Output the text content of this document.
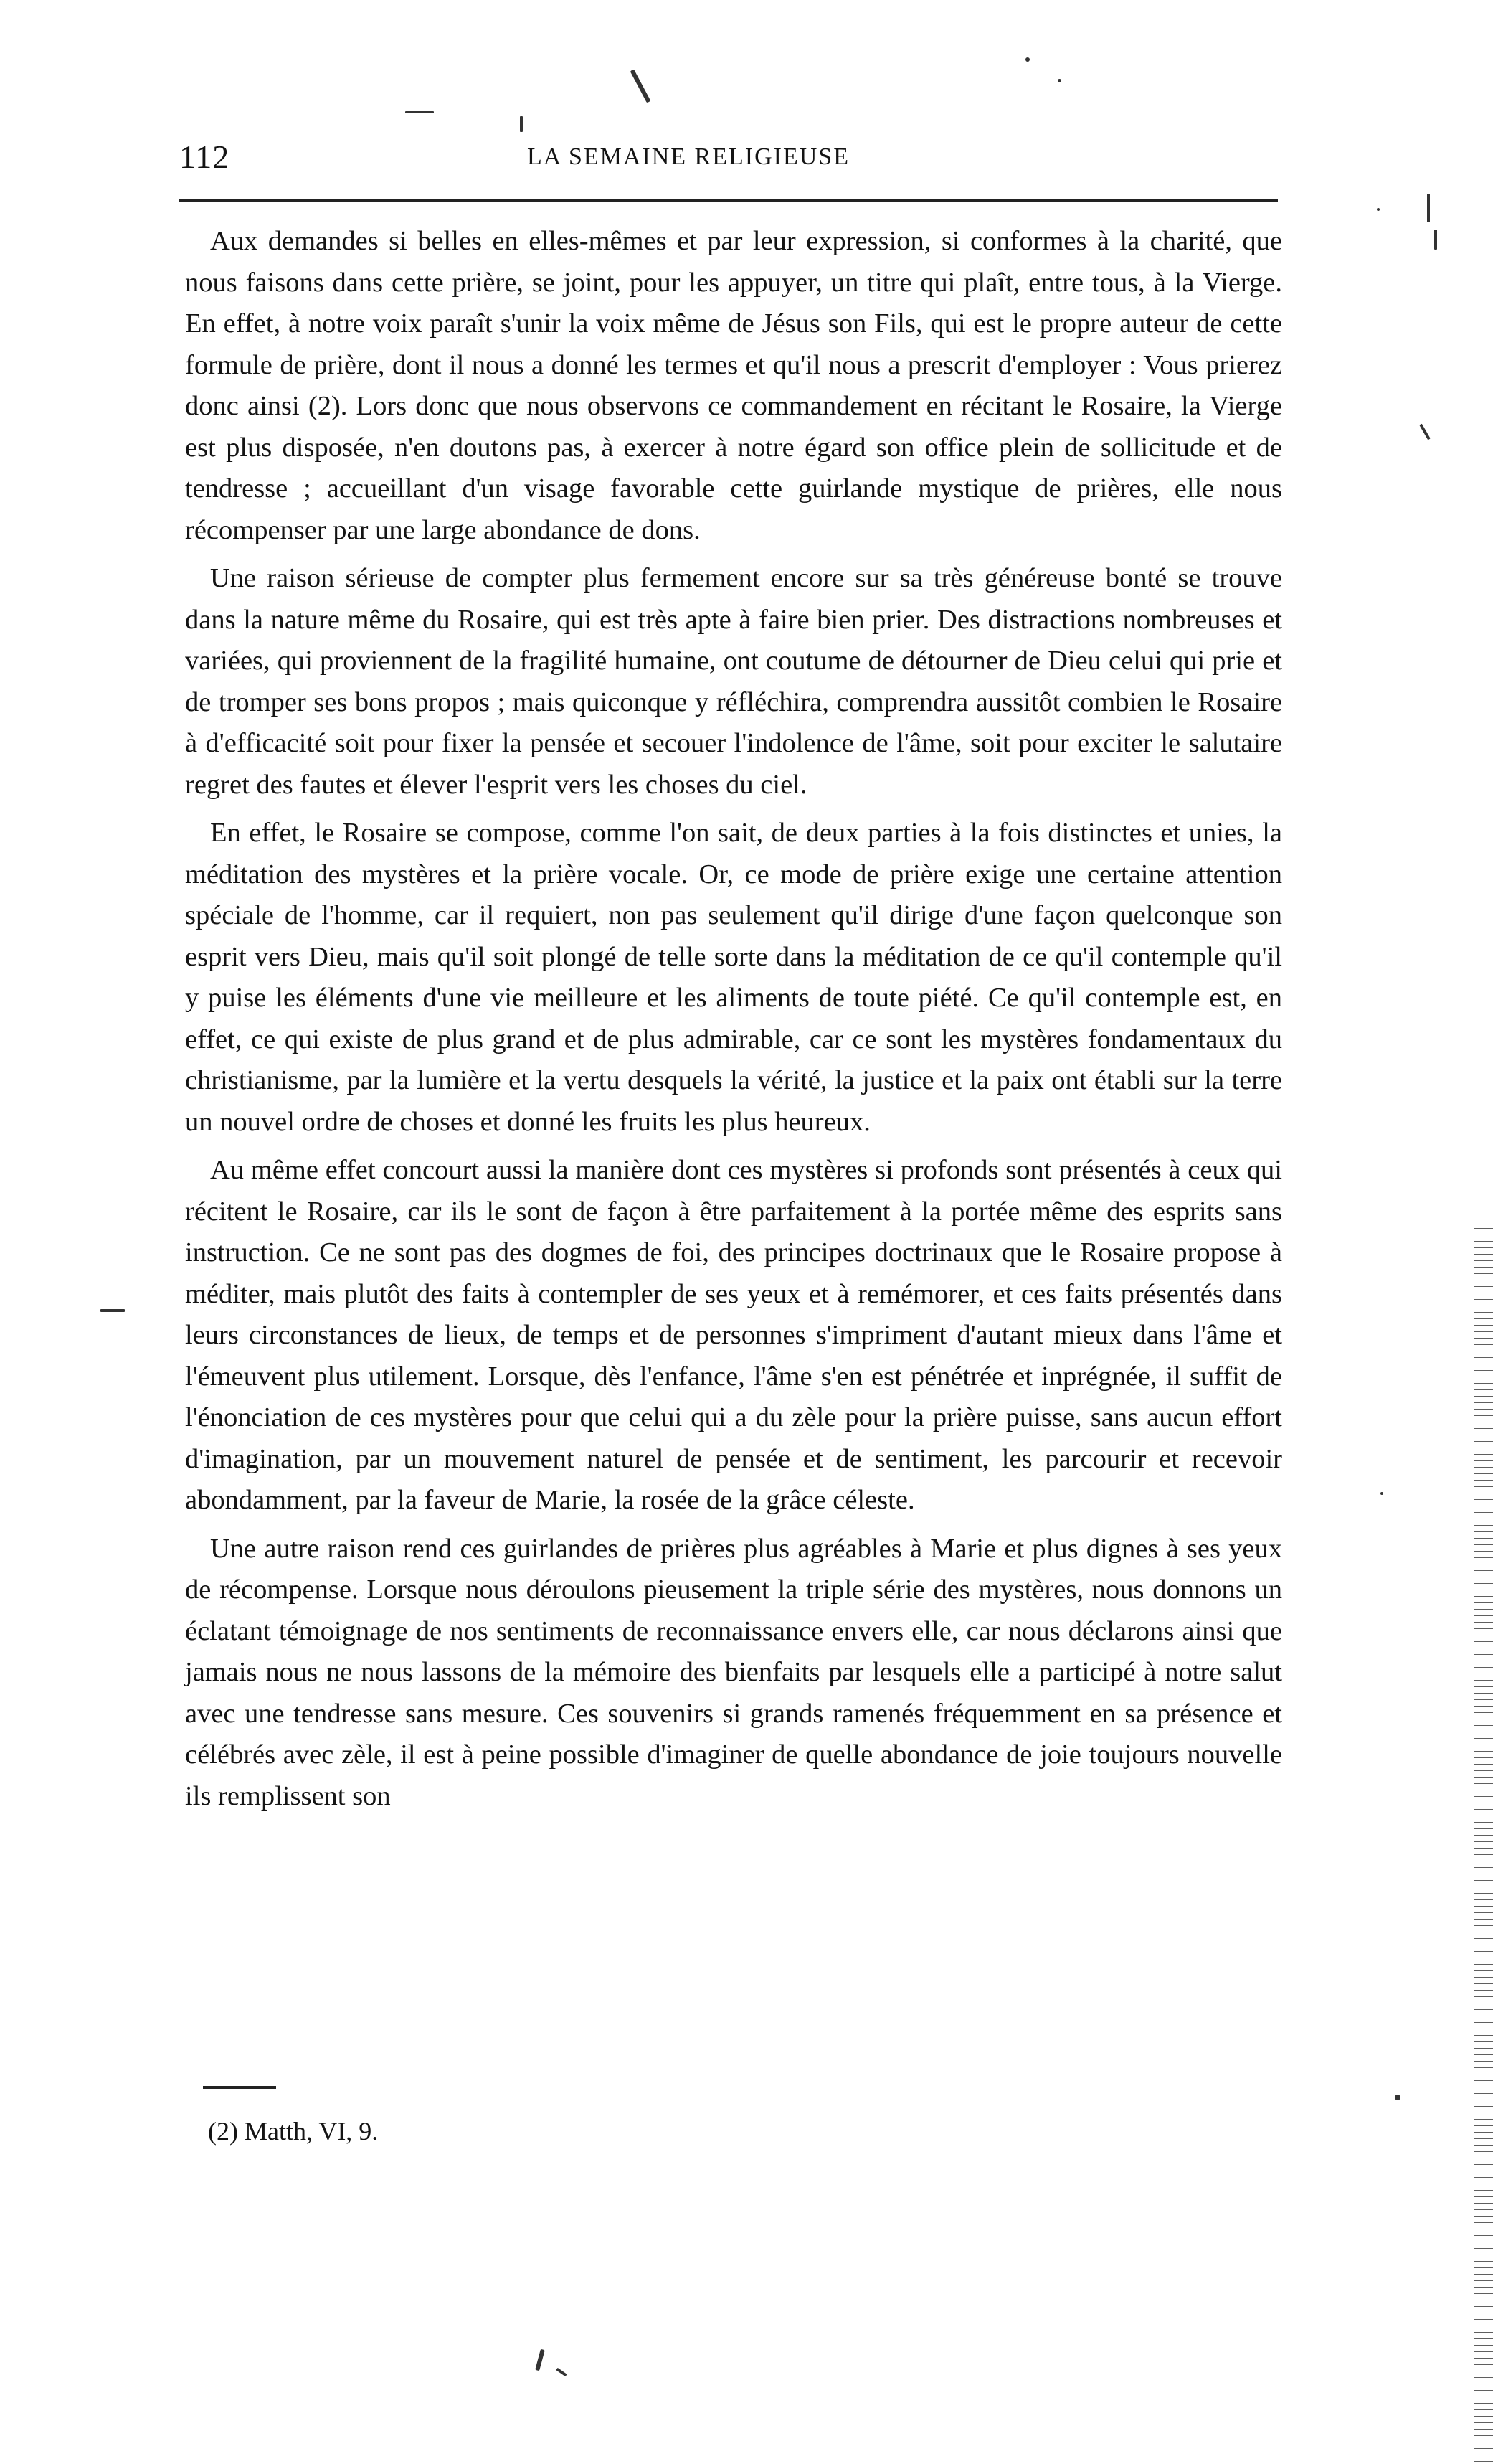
112	LA SEMAINE RELIGIEUSE

Aux demandes si belles en elles-mêmes et par leur expression, si conformes à la charité, que nous faisons dans cette prière, se joint, pour les appuyer, un titre qui plaît, entre tous, à la Vierge. En effet, à notre voix paraît s'unir la voix même de Jésus son Fils, qui est le propre auteur de cette formule de prière, dont il nous a donné les termes et qu'il nous a prescrit d'employer : Vous prierez donc ainsi (2). Lors donc que nous observons ce commandement en récitant le Rosaire, la Vierge est plus disposée, n'en doutons pas, à exercer à notre égard son office plein de sollicitude et de tendresse ; accueillant d'un visage favorable cette guirlande mystique de prières, elle nous récompenser par une large abondance de dons.

Une raison sérieuse de compter plus fermement encore sur sa très généreuse bonté se trouve dans la nature même du Rosaire, qui est très apte à faire bien prier. Des distractions nombreuses et variées, qui proviennent de la fragilité humaine, ont coutume de détourner de Dieu celui qui prie et de tromper ses bons propos ; mais quiconque y réfléchira, comprendra aussitôt combien le Rosaire à d'efficacité soit pour fixer la pensée et secouer l'indolence de l'âme, soit pour exciter le salutaire regret des fautes et élever l'esprit vers les choses du ciel.

En effet, le Rosaire se compose, comme l'on sait, de deux parties à la fois distinctes et unies, la méditation des mystères et la prière vocale. Or, ce mode de prière exige une certaine attention spéciale de l'homme, car il requiert, non pas seulement qu'il dirige d'une façon quelconque son esprit vers Dieu, mais qu'il soit plongé de telle sorte dans la méditation de ce qu'il contemple qu'il y puise les éléments d'une vie meilleure et les aliments de toute piété. Ce qu'il contemple est, en effet, ce qui existe de plus grand et de plus admirable, car ce sont les mystères fondamentaux du christianisme, par la lumière et la vertu desquels la vérité, la justice et la paix ont établi sur la terre un nouvel ordre de choses et donné les fruits les plus heureux.

Au même effet concourt aussi la manière dont ces mystères si profonds sont présentés à ceux qui récitent le Rosaire, car ils le sont de façon à être parfaitement à la portée même des esprits sans instruction. Ce ne sont pas des dogmes de foi, des principes doctrinaux que le Rosaire propose à méditer, mais plutôt des faits à contempler de ses yeux et à remémorer, et ces faits présentés dans leurs circonstances de lieux, de temps et de personnes s'impriment d'autant mieux dans l'âme et l'émeuvent plus utilement. Lorsque, dès l'enfance, l'âme s'en est pénétrée et inprégnée, il suffit de l'énonciation de ces mystères pour que celui qui a du zèle pour la prière puisse, sans aucun effort d'imagination, par un mouvement naturel de pensée et de sentiment, les parcourir et recevoir abondamment, par la faveur de Marie, la rosée de la grâce céleste.

Une autre raison rend ces guirlandes de prières plus agréables à Marie et plus dignes à ses yeux de récompense. Lorsque nous déroulons pieusement la triple série des mystères, nous donnons un éclatant témoignage de nos sentiments de reconnaissance envers elle, car nous déclarons ainsi que jamais nous ne nous lassons de la mémoire des bienfaits par lesquels elle a participé à notre salut avec une tendresse sans mesure. Ces souvenirs si grands ramenés fréquemment en sa présence et célébrés avec zèle, il est à peine possible d'imaginer de quelle abondance de joie toujours nouvelle ils remplissent son

(2) Matth, VI, 9.
